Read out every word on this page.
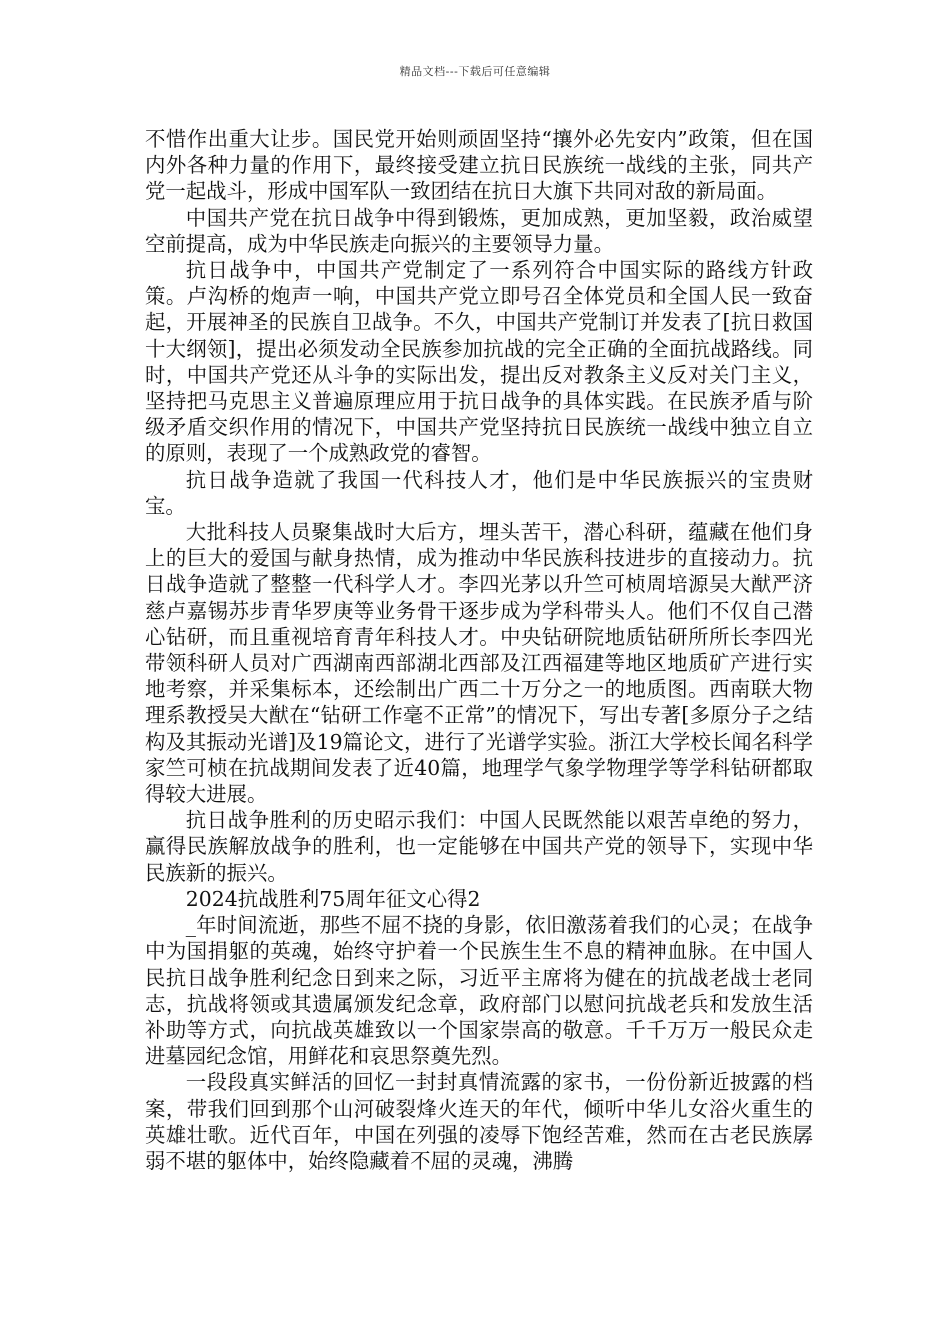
精品文档---下载后可任意编辑

不惜作出重大让步。国民党开始则顽固坚持“攘外必先安内”政策，但在国内外各种力量的作用下，最终接受建立抗日民族统一战线的主张，同共产党一起战斗，形成中国军队一致团结在抗日大旗下共同对敌的新局面。

中国共产党在抗日战争中得到锻炼，更加成熟，更加坚毅，政治威望空前提高，成为中华民族走向振兴的主要领导力量。

抗日战争中，中国共产党制定了一系列符合中国实际的路线方针政策。卢沟桥的炮声一响，中国共产党立即号召全体党员和全国人民一致奋起，开展神圣的民族自卫战争。不久，中国共产党制订并发表了[抗日救国十大纲领]，提出必须发动全民族参加抗战的完全正确的全面抗战路线。同时，中国共产党还从斗争的实际出发，提出反对教条主义反对关门主义，坚持把马克思主义普遍原理应用于抗日战争的具体实践。在民族矛盾与阶级矛盾交织作用的情况下，中国共产党坚持抗日民族统一战线中独立自立的原则，表现了一个成熟政党的睿智。

抗日战争造就了我国一代科技人才，他们是中华民族振兴的宝贵财宝。

大批科技人员聚集战时大后方，埋头苦干，潜心科研，蕴藏在他们身上的巨大的爱国与献身热情，成为推动中华民族科技进步的直接动力。抗日战争造就了整整一代科学人才。李四光茅以升竺可桢周培源吴大猷严济慈卢嘉锡苏步青华罗庚等业务骨干逐步成为学科带头人。他们不仅自己潜心钻研，而且重视培育青年科技人才。中央钻研院地质钻研所所长李四光带领科研人员对广西湖南西部湖北西部及江西福建等地区地质矿产进行实地考察，并采集标本，还绘制出广西二十万分之一的地质图。西南联大物理系教授吴大猷在“钻研工作毫不正常”的情况下，写出专著[多原分子之结构及其振动光谱]及19篇论文，进行了光谱学实验。浙江大学校长闻名科学家竺可桢在抗战期间发表了近40篇，地理学气象学物理学等学科钻研都取得较大进展。

抗日战争胜利的历史昭示我们：中国人民既然能以艰苦卓绝的努力，赢得民族解放战争的胜利，也一定能够在中国共产党的领导下，实现中华民族新的振兴。

2024抗战胜利75周年征文心得2

_年时间流逝，那些不屈不挠的身影，依旧激荡着我们的心灵；在战争中为国捐躯的英魂，始终守护着一个民族生生不息的精神血脉。在中国人民抗日战争胜利纪念日到来之际，习近平主席将为健在的抗战老战士老同志，抗战将领或其遗属颁发纪念章，政府部门以慰问抗战老兵和发放生活补助等方式，向抗战英雄致以一个国家崇高的敬意。千千万万一般民众走进墓园纪念馆，用鲜花和哀思祭奠先烈。

一段段真实鲜活的回忆一封封真情流露的家书，一份份新近披露的档案，带我们回到那个山河破裂烽火连天的年代，倾听中华儿女浴火重生的英雄壮歌。近代百年，中国在列强的凌辱下饱经苦难，然而在古老民族孱弱不堪的躯体中，始终隐藏着不屈的灵魂，沸腾
